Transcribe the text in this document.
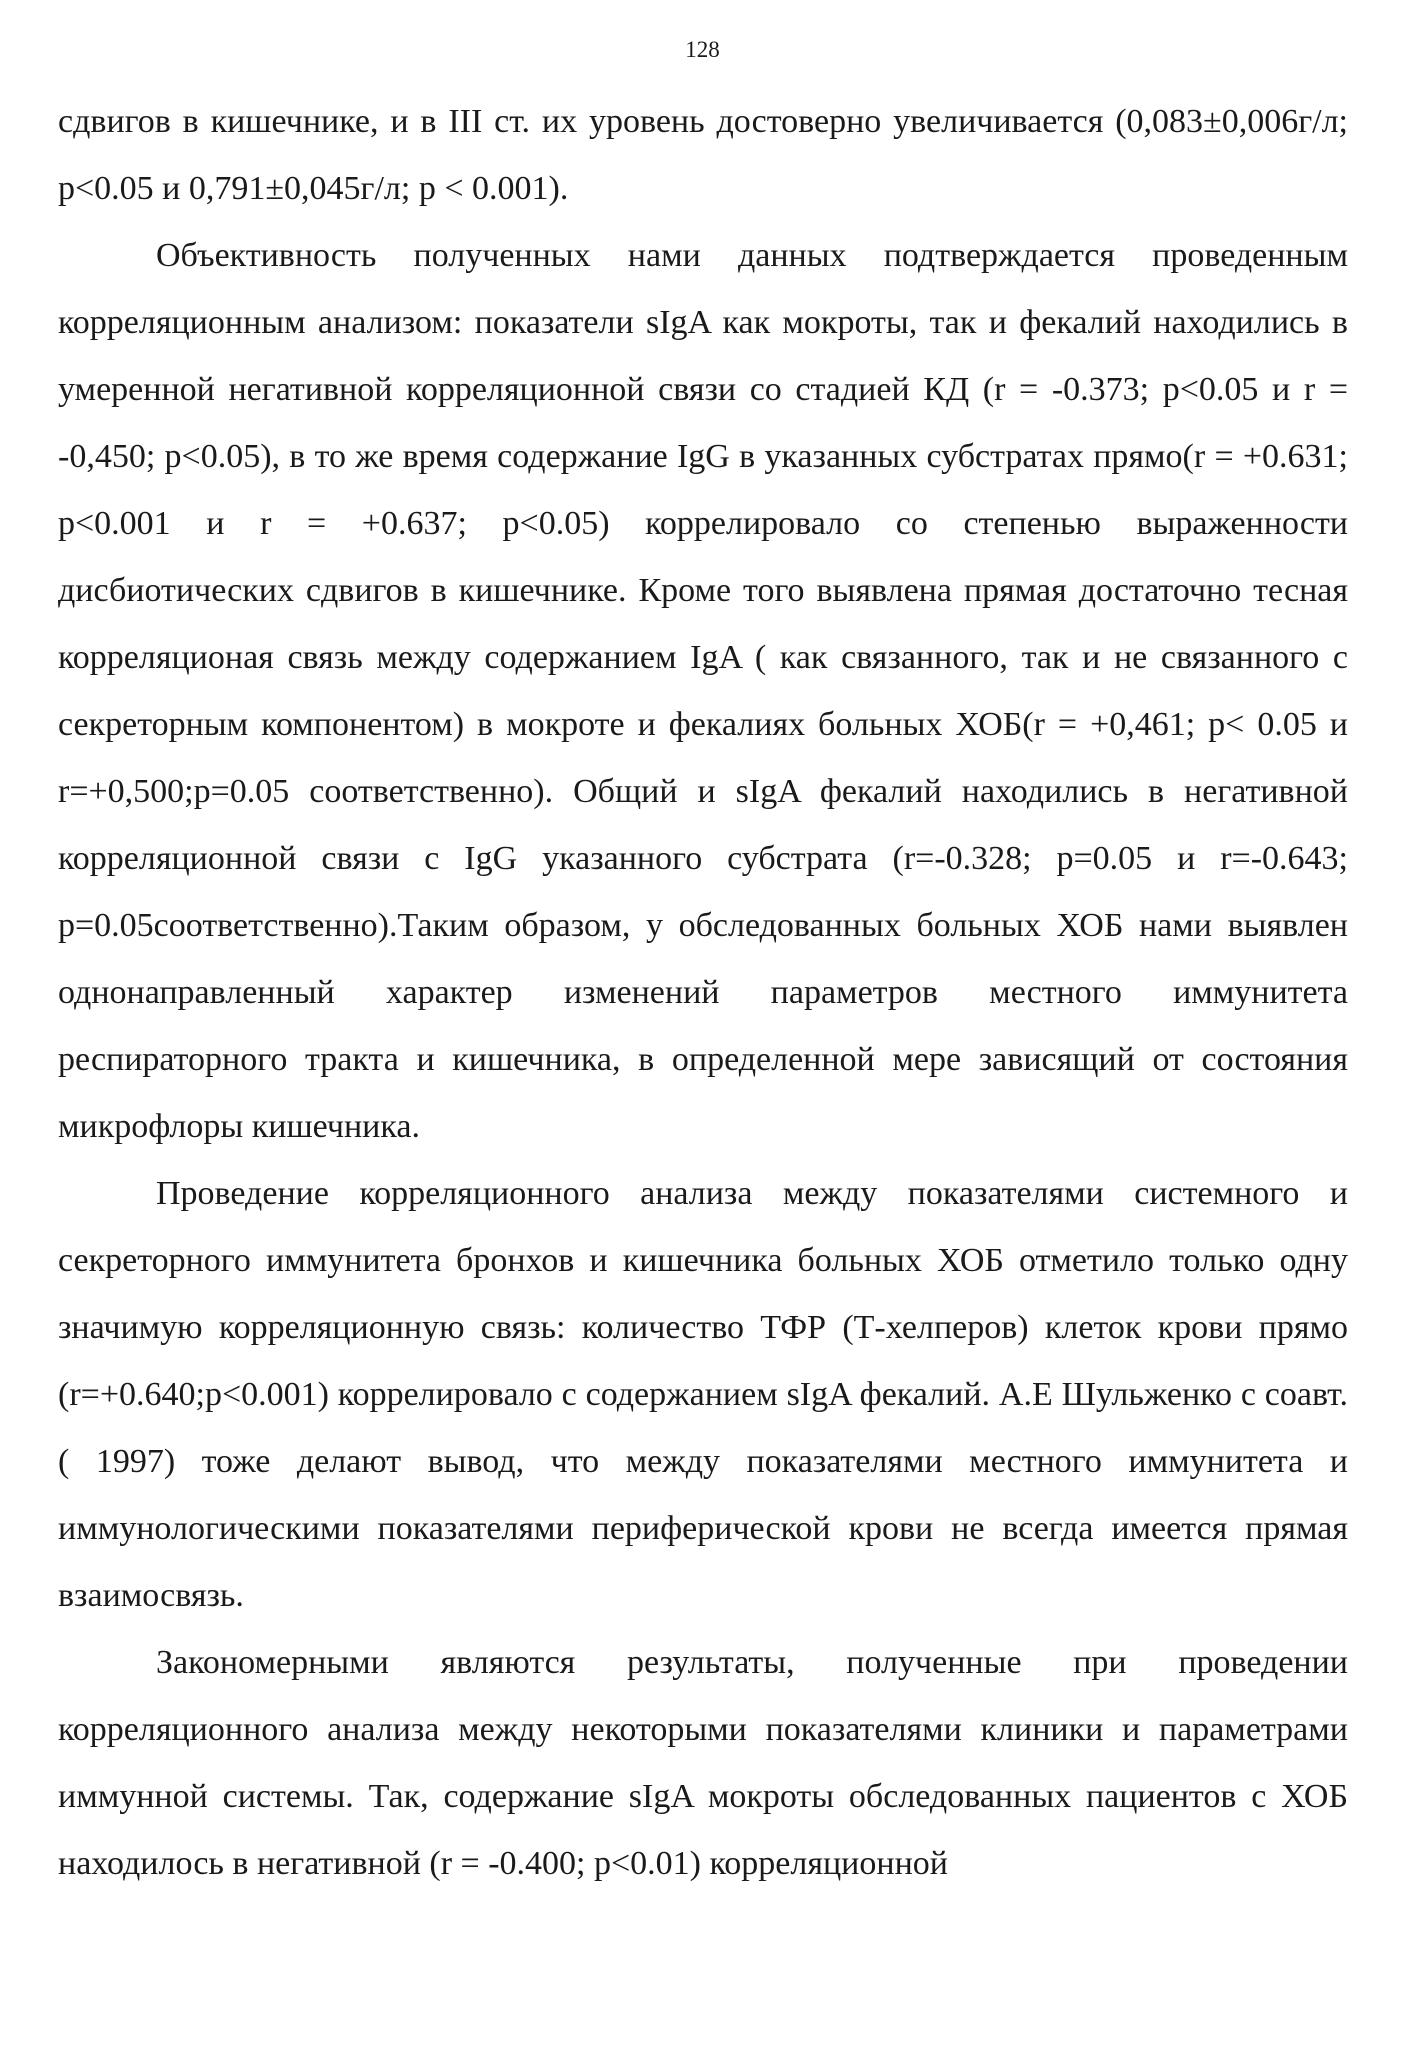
128

сдвигов в кишечнике, и в III ст. их уровень достоверно увеличивается (0,083±0,006г/л; р<0.05 и 0,791±0,045г/л; р < 0.001).

Объективность полученных нами данных подтверждается проведенным корреляционным анализом: показатели sIgA как мокроты, так и фекалий находились в умеренной негативной корреляционной связи со стадией КД (r = -0.373; р<0.05 и r = -0,450; р<0.05), в то же время содержание IgG в указанных субстратах прямо(r = +0.631; р<0.001 и r = +0.637; р<0.05) коррелировало со степенью выраженности дисбиотических сдвигов в кишечнике. Кроме того выявлена прямая достаточно тесная корреляционая связь между содержанием IgA ( как связанного, так и не связанного с секреторным компонентом) в мокроте и фекалиях больных ХОБ(r = +0,461; p< 0.05 и r=+0,500;р=0.05 соответственно). Общий и sIgA фекалий находились в негативной корреляционной связи с IgG указанного субстрата (r=-0.328; р=0.05 и r=-0.643; р=0.05соответственно).Таким образом, у обследованных больных ХОБ нами выявлен однонаправленный характер изменений параметров местного иммунитета респираторного тракта и кишечника, в определенной мере зависящий от состояния микрофлоры кишечника.

Проведение корреляционного анализа между показателями системного и секреторного иммунитета бронхов и кишечника больных ХОБ отметило только одну значимую корреляционную связь: количество ТФР (Т-хелперов) клеток крови прямо (r=+0.640;р<0.001) коррелировало с содержанием sIgA фекалий. А.Е Шульженко с соавт. ( 1997) тоже делают вывод, что между показателями местного иммунитета и иммунологическими показателями периферической крови не всегда имеется прямая взаимосвязь.

Закономерными являются результаты, полученные при проведении корреляционного анализа между некоторыми показателями клиники и параметрами иммунной системы. Так, содержание sIgA мокроты обследованных пациентов с ХОБ находилось в негативной (r = -0.400; р<0.01) корреляционной
